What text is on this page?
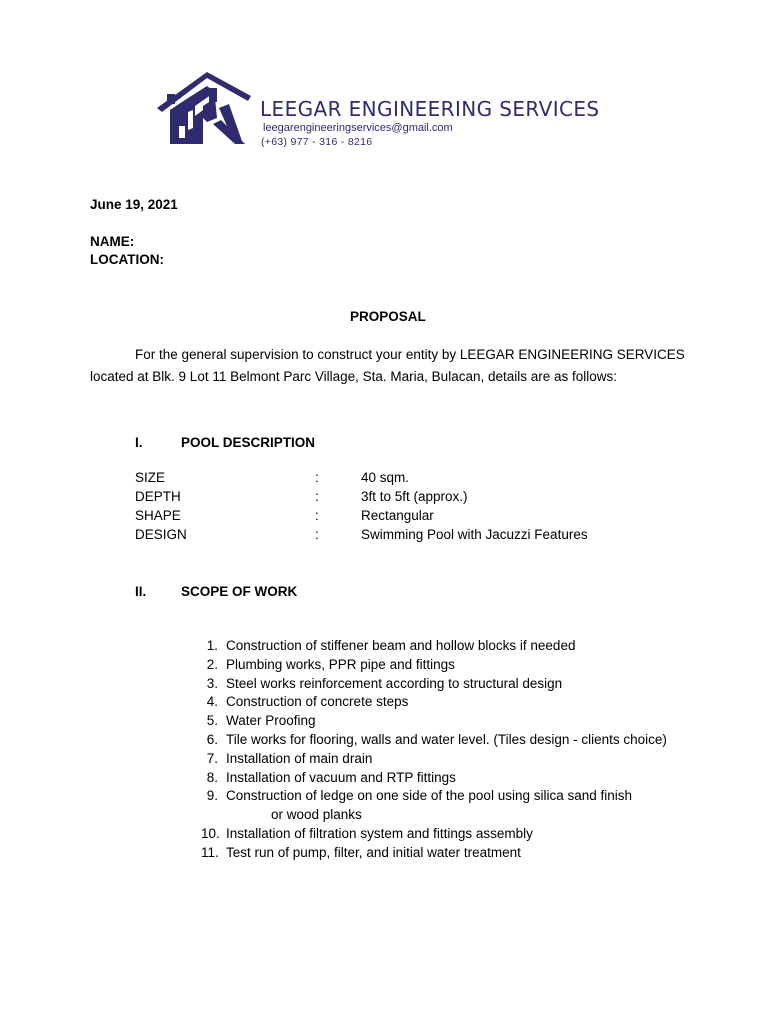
LEEGAR ENGINEERING SERVICES
leegarengineeringservices@gmail.com
(+63) 977 - 316 - 8216
June 19, 2021
NAME:
LOCATION:
PROPOSAL
For the general supervision to construct your entity by LEEGAR ENGINEERING SERVICES
located at Blk. 9 Lot 11 Belmont Parc Village, Sta. Maria, Bulacan, details are as follows:
I.	POOL DESCRIPTION
SIZE	:	40 sqm.
DEPTH	:	3ft to 5ft (approx.)
SHAPE	:	Rectangular
DESIGN	:	Swimming Pool with Jacuzzi Features
II.	SCOPE OF WORK
1. Construction of stiffener beam and hollow blocks if needed
2. Plumbing works, PPR pipe and fittings
3. Steel works reinforcement according to structural design
4. Construction of concrete steps
5. Water Proofing
6. Tile works for flooring, walls and water level. (Tiles design - clients choice)
7. Installation of main drain
8. Installation of vacuum and RTP fittings
9. Construction of ledge on one side of the pool using silica sand finish
or wood planks
10. Installation of filtration system and fittings assembly
11. Test run of pump, filter, and initial water treatment
